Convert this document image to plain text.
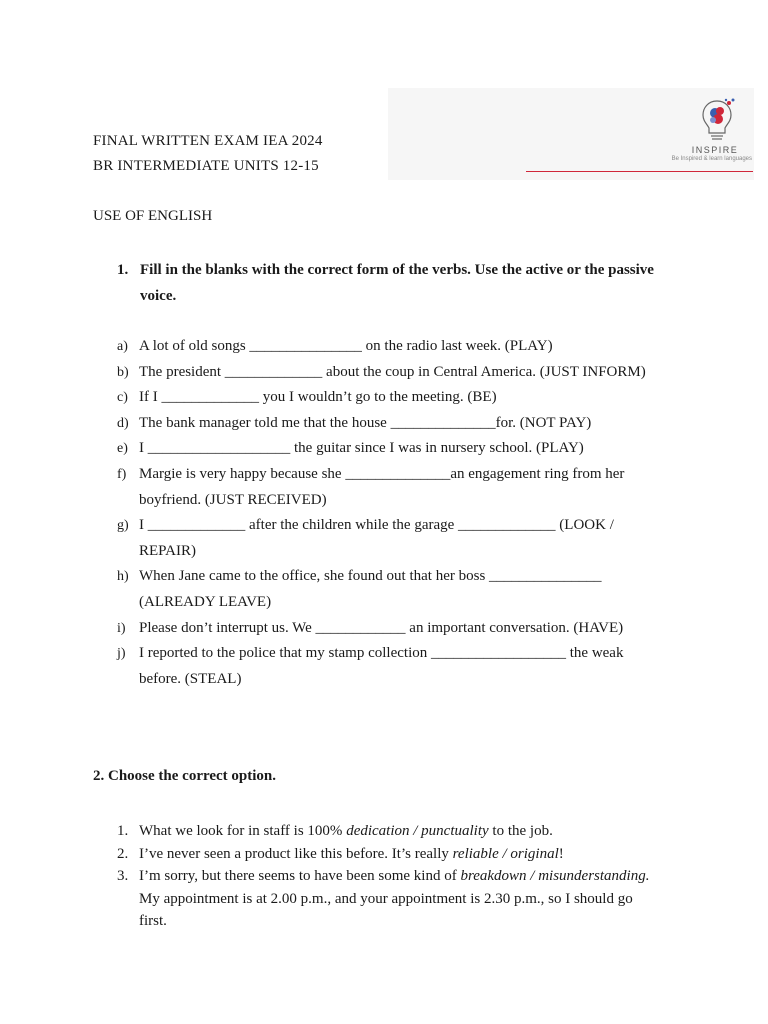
INSPIRE
Be Inspired & learn languages
FINAL WRITTEN EXAM IEA 2024
BR INTERMEDIATE UNITS 12-15
USE OF ENGLISH
1. Fill in the blanks with the correct form of the verbs. Use the active or the passive voice.
a) A lot of old songs _______________ on the radio last week. (PLAY)
b) The president _____________ about the coup in Central America. (JUST INFORM)
c) If I _____________ you I wouldn’t go to the meeting. (BE)
d) The bank manager told me that the house ______________for. (NOT PAY)
e) I ___________________ the guitar since I was in nursery school. (PLAY)
f) Margie is very happy because she ______________an engagement ring from her boyfriend. (JUST RECEIVED)
g) I _____________ after the children while the garage _____________ (LOOK / REPAIR)
h) When Jane came to the office, she found out that her boss _______________ (ALREADY LEAVE)
i) Please don’t interrupt us. We ____________ an important conversation. (HAVE)
j) I reported to the police that my stamp collection __________________ the weak before. (STEAL)
2. Choose the correct option.
1. What we look for in staff is 100% dedication / punctuality to the job.
2. I’ve never seen a product like this before. It’s really reliable / original!
3. I’m sorry, but there seems to have been some kind of breakdown / misunderstanding. My appointment is at 2.00 p.m., and your appointment is 2.30 p.m., so I should go first.
